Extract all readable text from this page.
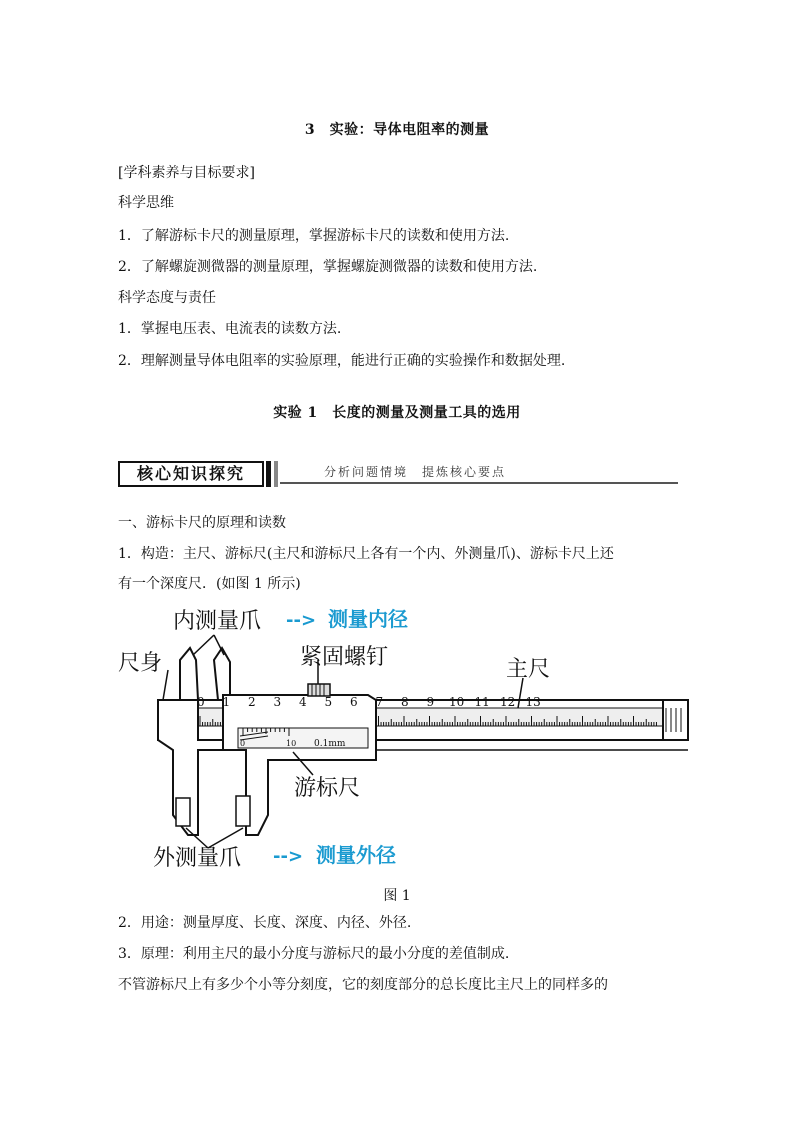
3　实验：导体电阻率的测量
[学科素养与目标要求]
科学思维
1．了解游标卡尺的测量原理，掌握游标卡尺的读数和使用方法.
2．了解螺旋测微器的测量原理，掌握螺旋测微器的读数和使用方法.
科学态度与责任
1．掌握电压表、电流表的读数方法.
2．理解测量导体电阻率的实验原理，能进行正确的实验操作和数据处理.
实验 1　长度的测量及测量工具的选用
核心知识探究	分析问题情境　提炼核心要点
一、游标卡尺的原理和读数
1．构造：主尺、游标尺(主尺和游标尺上各有一个内、外测量爪)、游标卡尺上还
有一个深度尺．(如图 1 所示)
内测量爪 --> 测量内径
尺身	紧固螺钉	主尺
游标尺
0.1mm
外测量爪 --> 测量外径
0 1 2 3 4 5 6 7 8 9 10 11 12 13
0	10
图 1
2．用途：测量厚度、长度、深度、内径、外径.
3．原理：利用主尺的最小分度与游标尺的最小分度的差值制成.
不管游标尺上有多少个小等分刻度，它的刻度部分的总长度比主尺上的同样多的
